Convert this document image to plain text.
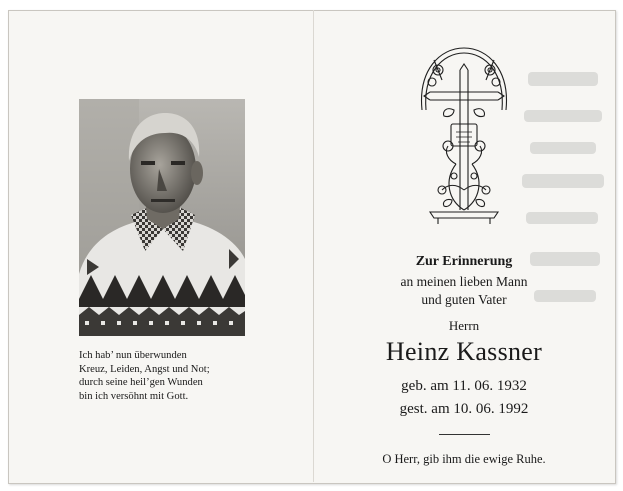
Ich hab’ nun überwunden
Kreuz, Leiden, Angst und Not;
durch seine heil’gen Wunden
bin ich versöhnt mit Gott.
Zur Erinnerung
an meinen lieben Mann
und guten Vater
Herrn
Heinz Kassner
geb. am 11. 06. 1932
gest. am 10. 06. 1992
O Herr, gib ihm die ewige Ruhe.
